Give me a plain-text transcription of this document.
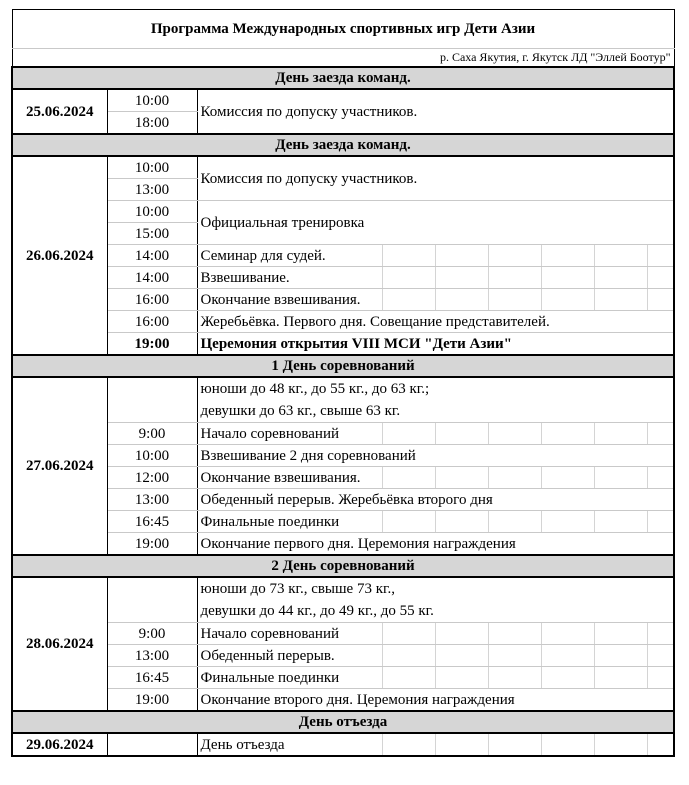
Программа Международных спортивных игр Дети Азии		
р. Саха Якутия, г. Якутск ЛД "Эллей Боотур"		
День заезда команд.		
25.06.2024	10:00	Комиссия по допуску участников.
	18:00	
День заезда команд.		
26.06.2024	10:00	Комиссия по допуску участников.
	13:00	
	10:00	Официальная тренировка
	15:00	
	14:00	Семинар для судей.
	14:00	Взвешивание.
	16:00	Окончание взвешивания.
	16:00	Жеребьёвка. Первого дня. Совещание представителей.
	19:00	Церемония открытия VIII МСИ "Дети Азии"
1 День соревнований		
27.06.2024		юноши до 48 кг., до 55 кг., до 63 кг.;
девушки до 63 кг., свыше 63 кг.
	9:00	Начало соревнований
	10:00	Взвешивание 2 дня соревнований
	12:00	Окончание взвешивания.
	13:00	Обеденный перерыв. Жеребьёвка второго дня
	16:45	Финальные поединки
	19:00	Окончание первого дня. Церемония награждения
2 День соревнований		
28.06.2024		юноши до 73 кг., свыше 73 кг.,
девушки до 44 кг., до 49 кг., до 55 кг.
	9:00	Начало соревнований
	13:00	Обеденный перерыв.
	16:45	Финальные поединки
	19:00	Окончание второго дня. Церемония награждения
День отъезда		
29.06.2024		День отъезда
